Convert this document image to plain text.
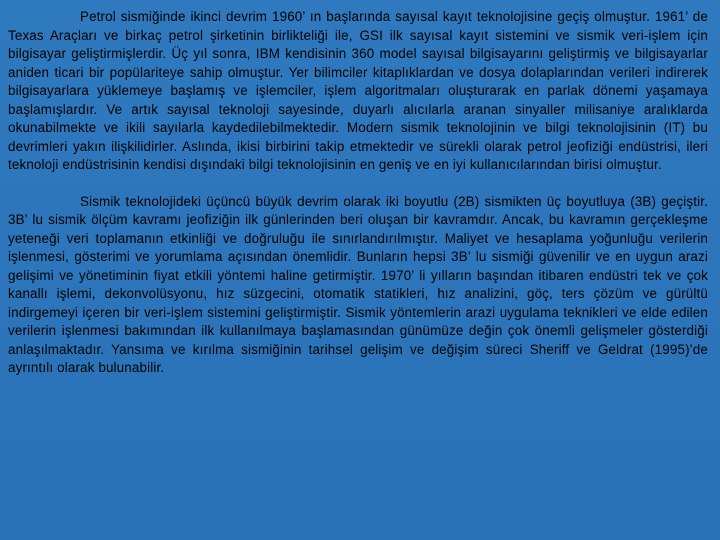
Petrol sismiğinde ikinci devrim 1960’ ın başlarında sayısal kayıt teknolojisine geçiş olmuştur. 1961’ de Texas Araçları ve birkaç petrol şirketinin birlikteliği ile, GSI ilk sayısal kayıt sistemini ve sismik veri-işlem için bilgisayar geliştirmişlerdir. Üç yıl sonra, IBM kendisinin 360 model sayısal bilgisayarını geliştirmiş ve bilgisayarlar aniden ticari bir popülariteye sahip olmuştur. Yer bilimciler kitaplıklardan ve dosya dolaplarından verileri indirerek bilgisayarlara yüklemeye başlamış ve işlemciler, işlem algoritmaları oluşturarak en parlak dönemi yaşamaya başlamışlardır. Ve artık sayısal teknoloji sayesinde, duyarlı alıcılarla aranan sinyaller milisaniye aralıklarda okunabilmekte ve ikili sayılarla kaydedilebilmektedir. Modern sismik teknolojinin ve bilgi teknolojisinin (IT) bu devrimleri yakın ilişkilidirler. Aslında, ikisi birbirini takip etmektedir ve sürekli olarak petrol jeofiziği endüstrisi, ileri teknoloji endüstrisinin kendisi dışındaki bilgi teknolojisinin en geniş ve en iyi kullanıcılarından birisi olmuştur.

Sismik teknolojideki üçüncü büyük devrim olarak iki boyutlu (2B) sismikten üç boyutluya (3B) geçiştir. 3B’ lu sismik ölçüm kavramı jeofiziğin ilk günlerinden beri oluşan bir kavramdır. Ancak, bu kavramın gerçekleşme yeteneği veri toplamanın etkinliği ve doğruluğu ile sınırlandırılmıştır. Maliyet ve hesaplama yoğunluğu verilerin işlenmesi, gösterimi ve yorumlama açısından önemlidir. Bunların hepsi 3B’ lu sismiği güvenilir ve en uygun arazi gelişimi ve yönetiminin fiyat etkili yöntemi haline getirmiştir. 1970’ li yılların başından itibaren endüstri tek ve çok kanallı işlemi, dekonvolüsyonu, hız süzgecini, otomatik statikleri, hız analizini, göç, ters çözüm ve gürültü indirgemeyi içeren bir veri-işlem sistemini geliştirmiştir. Sismik yöntemlerin arazi uygulama teknikleri ve elde edilen verilerin işlenmesi bakımından ilk kullanılmaya başlamasından günümüze değin çok önemli gelişmeler gösterdiği anlaşılmaktadır. Yansıma ve kırılma sismiğinin tarihsel gelişim ve değişim süreci Sheriff ve Geldrat (1995)’de ayrıntılı olarak bulunabilir.
